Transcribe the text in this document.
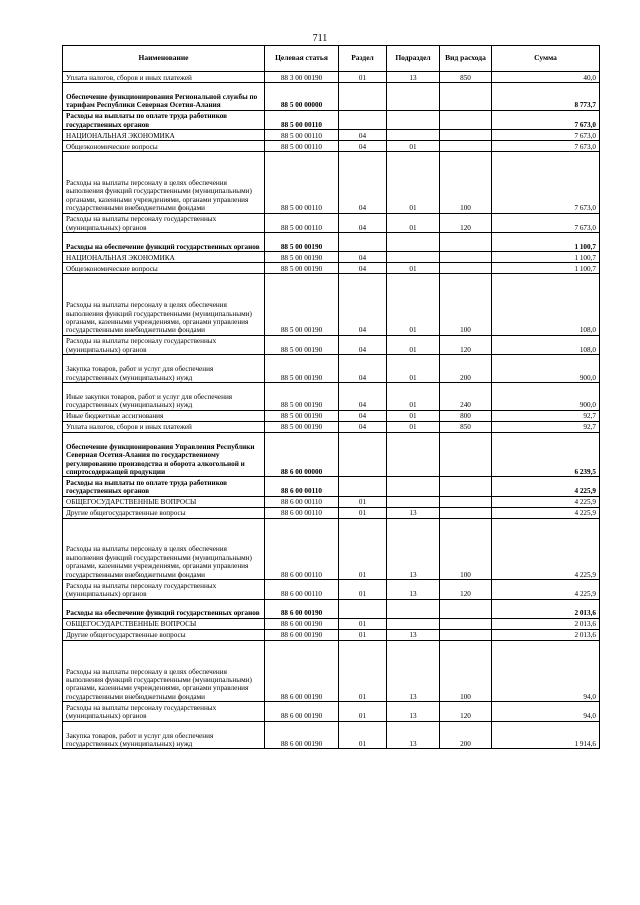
711
Наименование	Целевая статья	Раздел	Подраздел	Вид расхода	Сумма
Уплата налогов, сборов и иных платежей	88 3 00 00190	01	13	850	40,0
Обеспечение функционирования Региональной службы по тарифам Республики Северная Осетия-Алания	88 5 00 00000				8 773,7
Расходы на выплаты по оплате труда работников государственных органов	88 5 00 00110				7 673,0
НАЦИОНАЛЬНАЯ ЭКОНОМИКА	88 5 00 00110	04			7 673,0
Общеэкономические вопросы	88 5 00 00110	04	01		7 673,0
Расходы на выплаты персоналу в целях обеспечения выполнения функций государственными (муниципальными) органами, казенными учреждениями, органами управления государственными внебюджетными фондами	88 5 00 00110	04	01	100	7 673,0
Расходы на выплаты персоналу государственных (муниципальных) органов	88 5 00 00110	04	01	120	7 673,0
Расходы на обеспечение функций государственных органов	88 5 00 00190				1 100,7
НАЦИОНАЛЬНАЯ ЭКОНОМИКА	88 5 00 00190	04			1 100,7
Общеэкономические вопросы	88 5 00 00190	04	01		1 100,7
Расходы на выплаты персоналу в целях обеспечения выполнения функций государственными (муниципальными) органами, казенными учреждениями, органами управления государственными внебюджетными фондами	88 5 00 00190	04	01	100	108,0
Расходы на выплаты персоналу государственных (муниципальных) органов	88 5 00 00190	04	01	120	108,0
Закупка товаров, работ и услуг для обеспечения государственных (муниципальных) нужд	88 5 00 00190	04	01	200	900,0
Иные закупки товаров, работ и услуг для обеспечения государственных (муниципальных) нужд	88 5 00 00190	04	01	240	900,0
Иные бюджетные ассигнования	88 5 00 00190	04	01	800	92,7
Уплата налогов, сборов и иных платежей	88 5 00 00190	04	01	850	92,7
Обеспечение функционирования Управления Республики Северная Осетия-Алания по государственному регулированию производства и оборота алкогольной и спиртосодержащей продукции	88 6 00 00000				6 239,5
Расходы на выплаты по оплате труда работников государственных органов	88 6 00 00110				4 225,9
ОБЩЕГОСУДАРСТВЕННЫЕ ВОПРОСЫ	88 6 00 00110	01			4 225,9
Другие общегосударственные вопросы	88 6 00 00110	01	13		4 225,9
Расходы на выплаты персоналу в целях обеспечения выполнения функций государственными (муниципальными) органами, казенными учреждениями, органами управления государственными внебюджетными фондами	88 6 00 00110	01	13	100	4 225,9
Расходы на выплаты персоналу государственных (муниципальных) органов	88 6 00 00110	01	13	120	4 225,9
Расходы на обеспечение функций государственных органов	88 6 00 00190				2 013,6
ОБЩЕГОСУДАРСТВЕННЫЕ ВОПРОСЫ	88 6 00 00190	01			2 013,6
Другие общегосударственные вопросы	88 6 00 00190	01	13		2 013,6
Расходы на выплаты персоналу в целях обеспечения выполнения функций государственными (муниципальными) органами, казенными учреждениями, органами управления государственными внебюджетными фондами	88 6 00 00190	01	13	100	94,0
Расходы на выплаты персоналу государственных (муниципальных) органов	88 6 00 00190	01	13	120	94,0
Закупка товаров, работ и услуг для обеспечения государственных (муниципальных) нужд	88 6 00 00190	01	13	200	1 914,6
